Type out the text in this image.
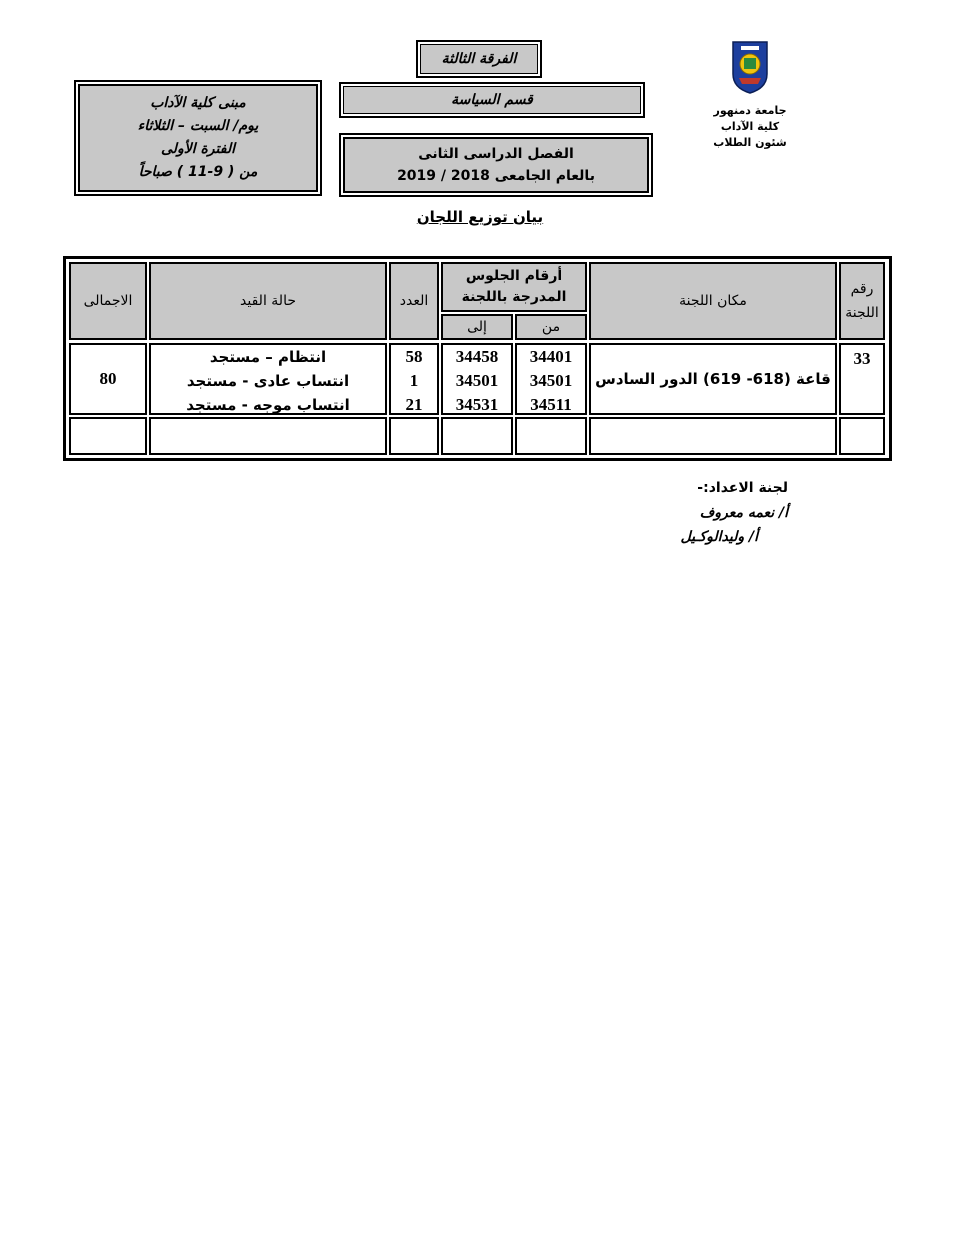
جامعة دمنهور
كلية الآداب
شئون الطلاب
الفرقة الثالثة
قسم السياسة
الفصل الدراسى الثانى
بالعام الجامعى 2018 / 2019
مبنى كلية الآداب
يوم/ السبت – الثلاثاء
الفترة الأولى
من ( 9-11 ) صباحاً
بيان توزيع اللجان
رقم
اللجنة
مكان اللجنة
أرقام الجلوس
المدرجة باللجنة
من
إلى
العدد
حالة القيد
الاجمالى
33
قاعة (618- 619) الدور السادس
34401
34501
34511
34458
34501
34531
58
1
21
انتظام – مستجد
انتساب عادى - مستجد
انتساب موجه - مستجد
80
لجنة الاعداد:-
أ/ نعمه معروف
أ/ وليدالوكـيل
